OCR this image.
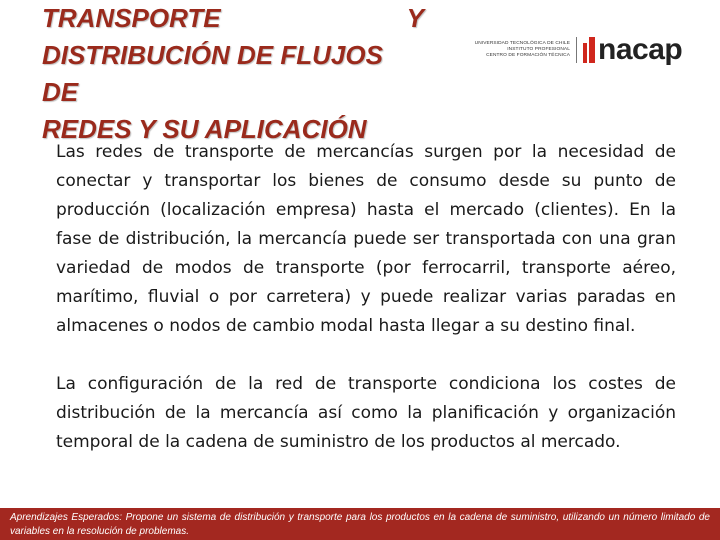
TRANSPORTE	Y
DISTRIBUCIÓN DE FLUJOS DE
REDES Y SU APLICACIÓN
UNIVERSIDAD TECNOLÓGICA DE CHILE
INSTITUTO PROFESIONAL
CENTRO DE FORMACIÓN TÉCNICA nacap

Las redes de transporte de mercancías surgen por la necesidad de conectar y transportar los bienes de consumo desde su punto de producción (localización empresa) hasta el mercado (clientes). En la fase de distribución, la mercancía puede ser transportada con una gran variedad de modos de transporte (por ferrocarril, transporte aéreo, marítimo, fluvial o por carretera) y puede realizar varias paradas en almacenes o nodos de cambio modal hasta llegar a su destino final.

La configuración de la red de transporte condiciona los costes de distribución de la mercancía así como la planificación y organización temporal de la cadena de suministro de los productos al mercado.

Aprendizajes Esperados: Propone un sistema de distribución y transporte para los productos en la cadena de suministro, utilizando un número limitado de variables en la resolución de problemas.
